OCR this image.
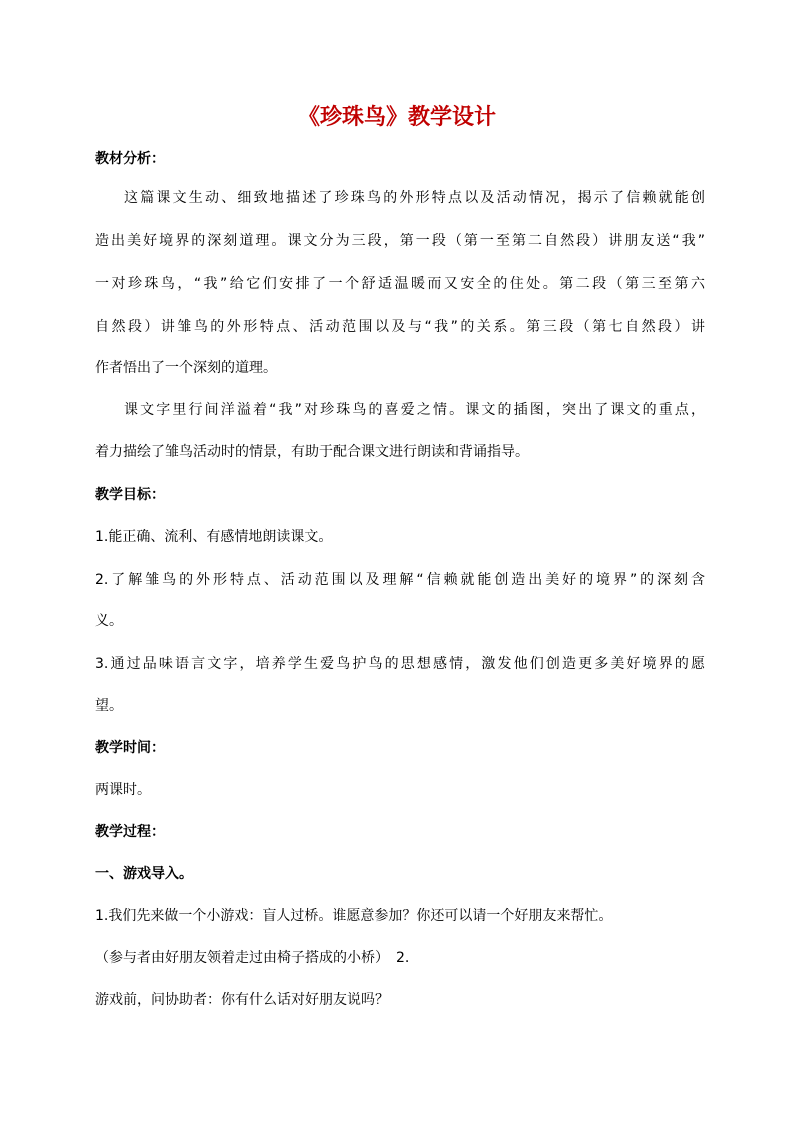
《珍珠鸟》教学设计
教材分析：
这篇课文生动、细致地描述了珍珠鸟的外形特点以及活动情况，揭示了信赖就能创
造出美好境界的深刻道理。课文分为三段，第一段（第一至第二自然段）讲朋友送“我”
一对珍珠鸟，“我”给它们安排了一个舒适温暖而又安全的住处。第二段（第三至第六
自然段）讲雏鸟的外形特点、活动范围以及与“我”的关系。第三段（第七自然段）讲
作者悟出了一个深刻的道理。
课文字里行间洋溢着“我”对珍珠鸟的喜爱之情。课文的插图，突出了课文的重点，
着力描绘了雏鸟活动时的情景，有助于配合课文进行朗读和背诵指导。
教学目标：
1.能正确、流利、有感情地朗读课文。
2.了解雏鸟的外形特点、活动范围以及理解“信赖就能创造出美好的境界”的深刻含
义。
3.通过品味语言文字，培养学生爱鸟护鸟的思想感情，激发他们创造更多美好境界的愿
望。
教学时间：
两课时。
教学过程：
一、游戏导入。
1.我们先来做一个小游戏：盲人过桥。谁愿意参加？你还可以请一个好朋友来帮忙。
（参与者由好朋友领着走过由椅子搭成的小桥）　2.
游戏前，问协助者：你有什么话对好朋友说吗？
